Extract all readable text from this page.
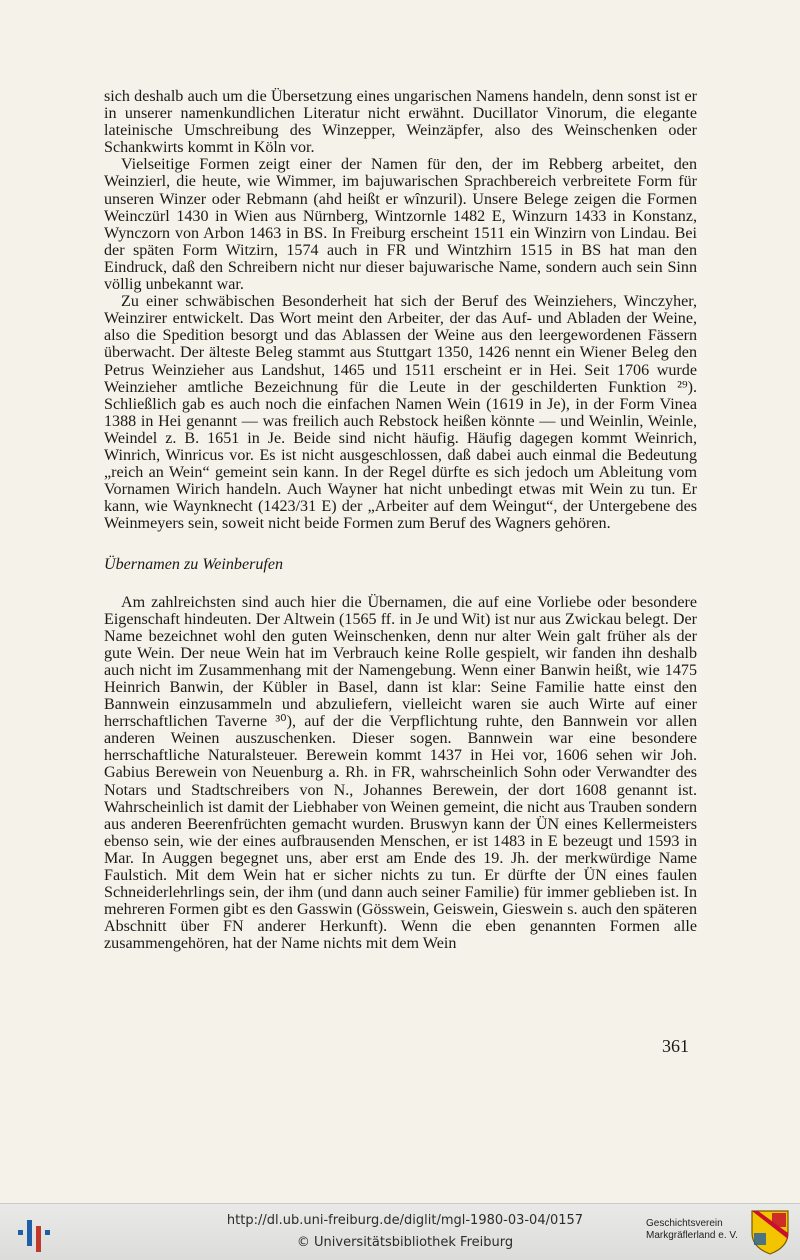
sich deshalb auch um die Übersetzung eines ungarischen Namens handeln, denn sonst ist er in unserer namenkundlichen Literatur nicht erwähnt. Ducillator Vinorum, die elegante lateinische Umschreibung des Winzepper, Weinzäpfer, also des Weinschenken oder Schankwirts kommt in Köln vor.

Vielseitige Formen zeigt einer der Namen für den, der im Rebberg arbeitet, den Weinzierl, die heute, wie Wimmer, im bajuwarischen Sprachbereich verbreitete Form für unseren Winzer oder Rebmann (ahd heißt er wînzuril). Unsere Belege zeigen die Formen Weinczürl 1430 in Wien aus Nürnberg, Wintzornle 1482 E, Winzurn 1433 in Konstanz, Wynczorn von Arbon 1463 in BS. In Freiburg erscheint 1511 ein Winzirn von Lindau. Bei der späten Form Witzirn, 1574 auch in FR und Wintzhirn 1515 in BS hat man den Eindruck, daß den Schreibern nicht nur dieser bajuwarische Name, sondern auch sein Sinn völlig unbekannt war.

Zu einer schwäbischen Besonderheit hat sich der Beruf des Weinziehers, Winczyher, Weinzirer entwickelt. Das Wort meint den Arbeiter, der das Auf- und Abladen der Weine, also die Spedition besorgt und das Ablassen der Weine aus den leergewordenen Fässern überwacht. Der älteste Beleg stammt aus Stuttgart 1350, 1426 nennt ein Wiener Beleg den Petrus Weinzieher aus Landshut, 1465 und 1511 erscheint er in Hei. Seit 1706 wurde Weinzieher amtliche Bezeichnung für die Leute in der geschilderten Funktion ²⁹). Schließlich gab es auch noch die einfachen Namen Wein (1619 in Je), in der Form Vinea 1388 in Hei genannt — was freilich auch Rebstock heißen könnte — und Weinlin, Weinle, Weindel z. B. 1651 in Je. Beide sind nicht häufig. Häufig dagegen kommt Weinrich, Winrich, Winricus vor. Es ist nicht ausgeschlossen, daß dabei auch einmal die Bedeutung „reich an Wein“ gemeint sein kann. In der Regel dürfte es sich jedoch um Ableitung vom Vornamen Wirich handeln. Auch Wayner hat nicht unbedingt etwas mit Wein zu tun. Er kann, wie Waynknecht (1423/31 E) der „Arbeiter auf dem Weingut“, der Untergebene des Weinmeyers sein, soweit nicht beide Formen zum Beruf des Wagners gehören.

Übernamen zu Weinberufen

Am zahlreichsten sind auch hier die Übernamen, die auf eine Vorliebe oder besondere Eigenschaft hindeuten. Der Altwein (1565 ff. in Je und Wit) ist nur aus Zwickau belegt. Der Name bezeichnet wohl den guten Weinschenken, denn nur alter Wein galt früher als der gute Wein. Der neue Wein hat im Verbrauch keine Rolle gespielt, wir fanden ihn deshalb auch nicht im Zusammenhang mit der Namengebung. Wenn einer Banwin heißt, wie 1475 Heinrich Banwin, der Kübler in Basel, dann ist klar: Seine Familie hatte einst den Bannwein einzusammeln und abzuliefern, vielleicht waren sie auch Wirte auf einer herrschaftlichen Taverne ³⁰), auf der die Verpflichtung ruhte, den Bannwein vor allen anderen Weinen auszuschenken. Dieser sogen. Bannwein war eine besondere herrschaftliche Naturalsteuer. Berewein kommt 1437 in Hei vor, 1606 sehen wir Joh. Gabius Berewein von Neuenburg a. Rh. in FR, wahrscheinlich Sohn oder Verwandter des Notars und Stadtschreibers von N., Johannes Berewein, der dort 1608 genannt ist. Wahrscheinlich ist damit der Liebhaber von Weinen gemeint, die nicht aus Trauben sondern aus anderen Beerenfrüchten gemacht wurden. Bruswyn kann der ÜN eines Kellermeisters ebenso sein, wie der eines aufbrausenden Menschen, er ist 1483 in E bezeugt und 1593 in Mar. In Auggen begegnet uns, aber erst am Ende des 19. Jh. der merkwürdige Name Faulstich. Mit dem Wein hat er sicher nichts zu tun. Er dürfte der ÜN eines faulen Schneiderlehrlings sein, der ihm (und dann auch seiner Familie) für immer geblieben ist. In mehreren Formen gibt es den Gasswin (Gösswein, Geiswein, Gieswein s. auch den späteren Abschnitt über FN anderer Herkunft). Wenn die eben genannten Formen alle zusammengehören, hat der Name nichts mit dem Wein

361
http://dl.ub.uni-freiburg.de/diglit/mgl-1980-03-04/0157
© Universitätsbibliothek Freiburg
Geschichtsverein
Markgräflerland e. V.
